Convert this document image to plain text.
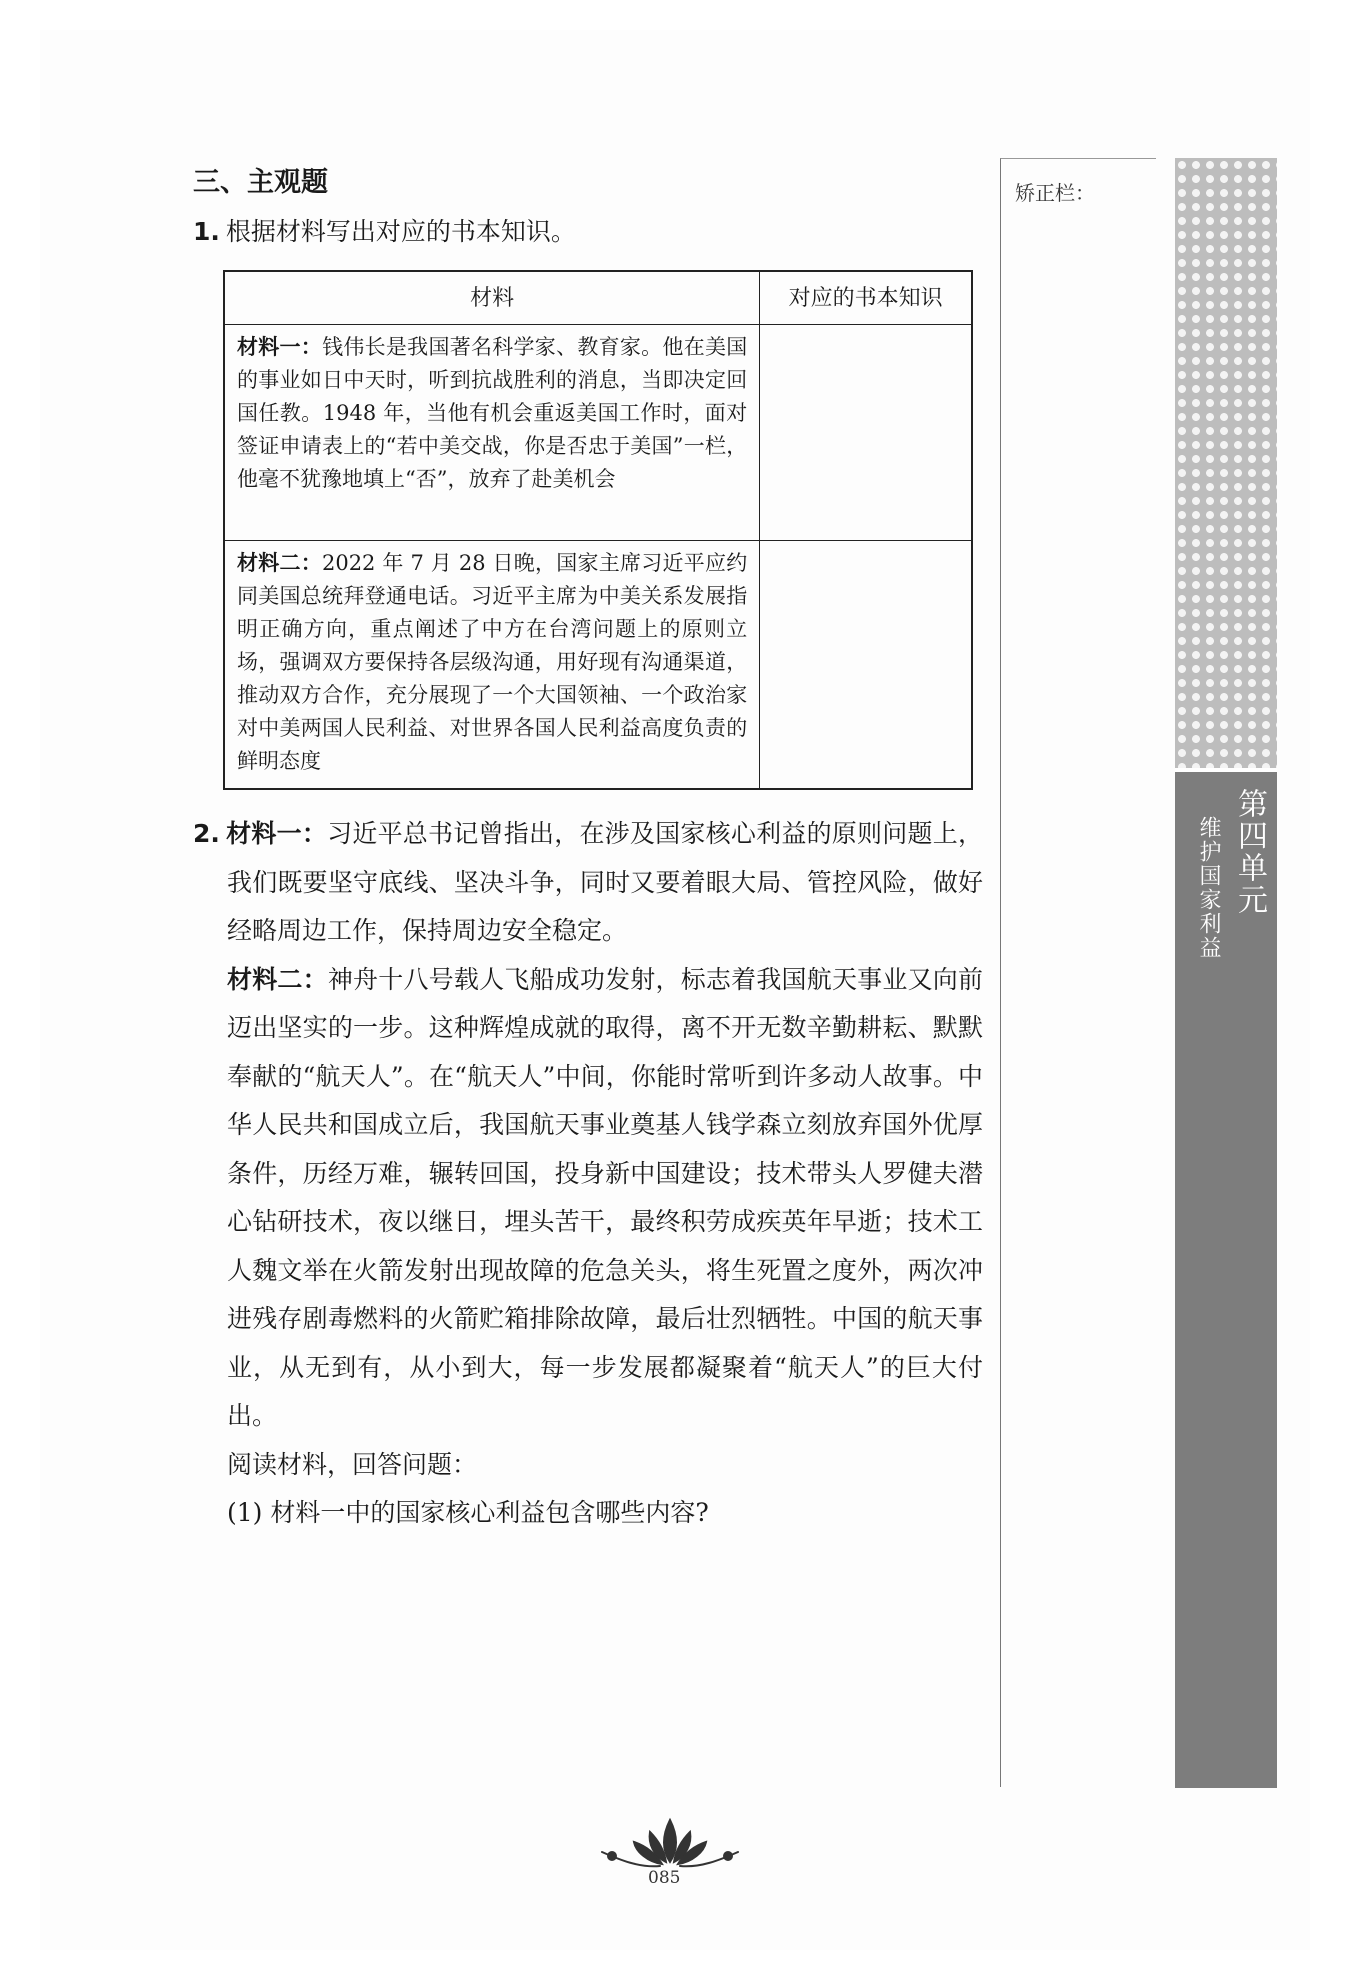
三、主观题
1. 根据材料写出对应的书本知识。
材料	对应的书本知识
材料一：钱伟长是我国著名科学家、教育家。他在美国的事业如日中天时，听到抗战胜利的消息，当即决定回国任教。1948 年，当他有机会重返美国工作时，面对签证申请表上的“若中美交战，你是否忠于美国”一栏，他毫不犹豫地填上“否”，放弃了赴美机会	
材料二：2022 年 7 月 28 日晚，国家主席习近平应约同美国总统拜登通电话。习近平主席为中美关系发展指明正确方向，重点阐述了中方在台湾问题上的原则立场，强调双方要保持各层级沟通，用好现有沟通渠道，推动双方合作，充分展现了一个大国领袖、一个政治家对中美两国人民利益、对世界各国人民利益高度负责的鲜明态度	

2. 材料一：习近平总书记曾指出，在涉及国家核心利益的原则问题上，我们既要坚守底线、坚决斗争，同时又要着眼大局、管控风险，做好经略周边工作，保持周边安全稳定。

材料二：神舟十八号载人飞船成功发射，标志着我国航天事业又向前迈出坚实的一步。这种辉煌成就的取得，离不开无数辛勤耕耘、默默奉献的“航天人”。在“航天人”中间，你能时常听到许多动人故事。中华人民共和国成立后，我国航天事业奠基人钱学森立刻放弃国外优厚条件，历经万难，辗转回国，投身新中国建设；技术带头人罗健夫潜心钻研技术，夜以继日，埋头苦干，最终积劳成疾英年早逝；技术工人魏文举在火箭发射出现故障的危急关头，将生死置之度外，两次冲进残存剧毒燃料的火箭贮箱排除故障，最后壮烈牺牲。中国的航天事业，从无到有，从小到大，每一步发展都凝聚着“航天人”的巨大付出。

阅读材料，回答问题：

(1) 材料一中的国家核心利益包含哪些内容?

矫正栏：
第四单元
维护国家利益
085
